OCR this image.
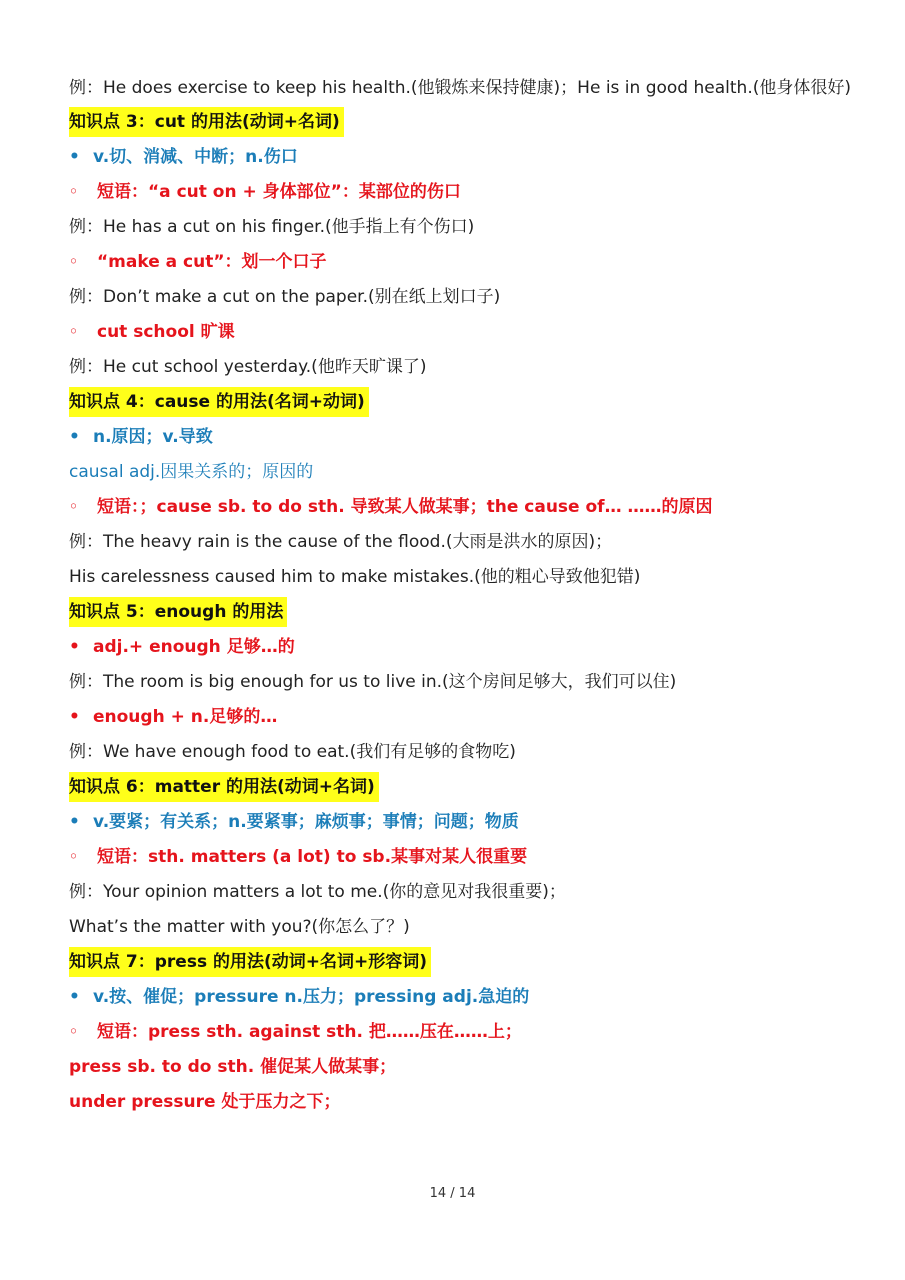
例：He does exercise to keep his health.(他锻炼来保持健康)；He is in good health.(他身体很好)
知识点 3：cut 的用法(动词+名词)
• v.切、消减、中断；n.伤口
◦ 短语：“a cut on + 身体部位”：某部位的伤口
例：He has a cut on his finger.(他手指上有个伤口)
◦ “make a cut”：划一个口子
例：Don’t make a cut on the paper.(别在纸上划口子)
◦ cut school 旷课
例：He cut school yesterday.(他昨天旷课了)
知识点 4：cause 的用法(名词+动词)
• n.原因；v.导致
causal adj.因果关系的；原因的
◦ 短语：；cause sb. to do sth. 导致某人做某事；the cause of… ……的原因
例：The heavy rain is the cause of the flood.(大雨是洪水的原因)；
His carelessness caused him to make mistakes.(他的粗心导致他犯错)
知识点 5：enough 的用法
• adj.+ enough 足够…的
例：The room is big enough for us to live in.(这个房间足够大，我们可以住)
• enough + n.足够的…
例：We have enough food to eat.(我们有足够的食物吃)
知识点 6：matter 的用法(动词+名词)
• v.要紧；有关系；n.要紧事；麻烦事；事情；问题；物质
◦ 短语：sth. matters (a lot) to sb.某事对某人很重要
例：Your opinion matters a lot to me.(你的意见对我很重要)；
What’s the matter with you?(你怎么了？)
知识点 7：press 的用法(动词+名词+形容词)
• v.按、催促；pressure n.压力；pressing adj.急迫的
◦ 短语：press sth. against sth. 把……压在……上；
press sb. to do sth. 催促某人做某事；
under pressure 处于压力之下；
14 / 14
